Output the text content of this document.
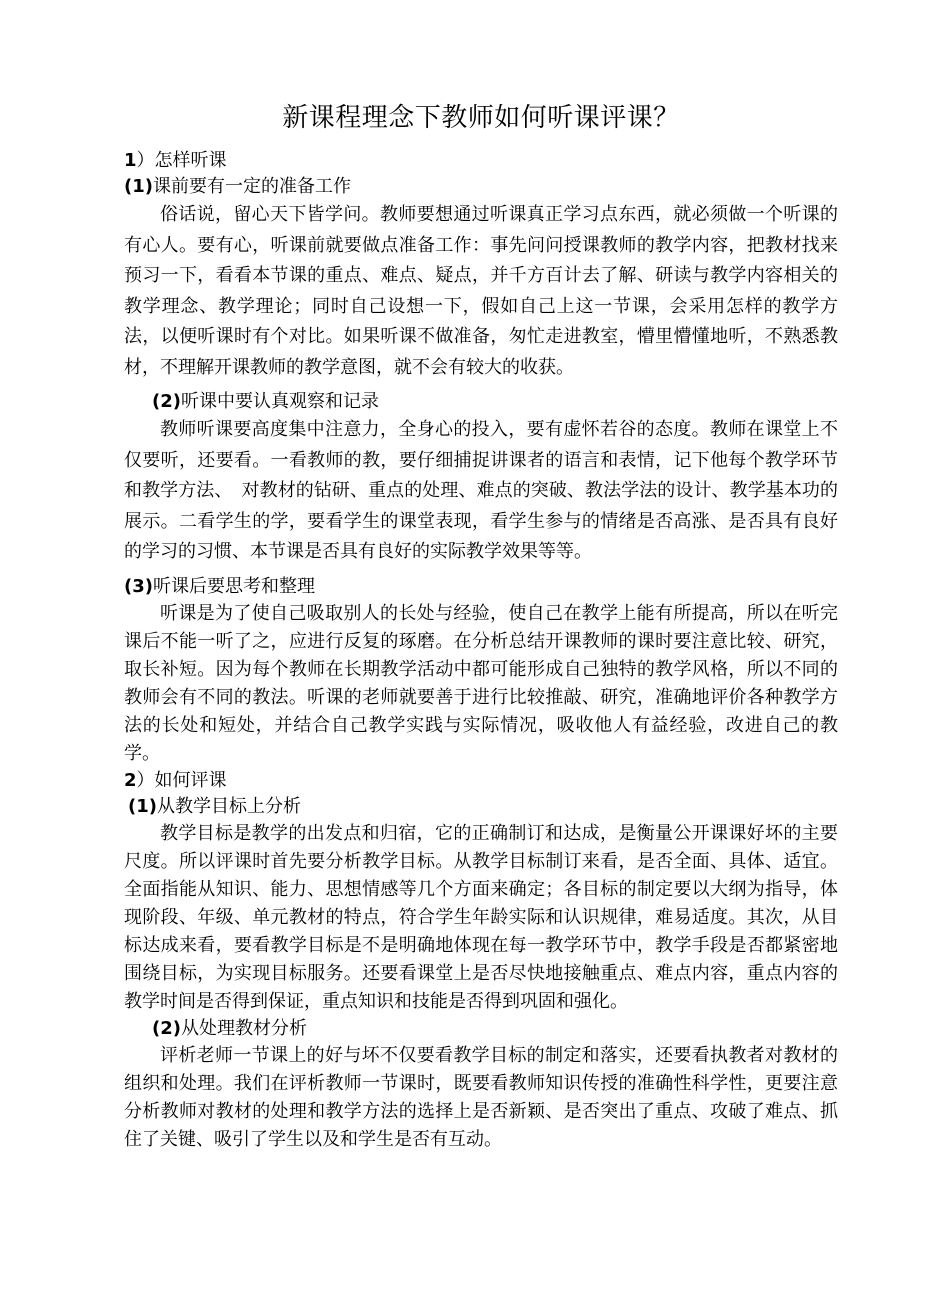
新课程理念下教师如何听课评课？

1）怎样听课

(1)课前要有一定的准备工作

俗话说，留心天下皆学问。教师要想通过听课真正学习点东西，就必须做一个听课的有心人。要有心，听课前就要做点准备工作：事先问问授课教师的教学内容，把教材找来预习一下，看看本节课的重点、难点、疑点，并千方百计去了解、研读与教学内容相关的教学理念、教学理论；同时自己设想一下，假如自己上这一节课，会采用怎样的教学方法，以便听课时有个对比。如果听课不做准备，匆忙走进教室，懵里懵懂地听，不熟悉教材，不理解开课教师的教学意图，就不会有较大的收获。

(2)听课中要认真观察和记录

教师听课要高度集中注意力，全身心的投入，要有虚怀若谷的态度。教师在课堂上不仅要听，还要看。一看教师的教，要仔细捕捉讲课者的语言和表情，记下他每个教学环节和教学方法、　对教材的钻研、重点的处理、难点的突破、教法学法的设计、教学基本功的展示。二看学生的学，要看学生的课堂表现，看学生参与的情绪是否高涨、是否具有良好的学习的习惯、本节课是否具有良好的实际教学效果等等。

(3)听课后要思考和整理

听课是为了使自己吸取别人的长处与经验，使自己在教学上能有所提高，所以在听完课后不能一听了之，应进行反复的琢磨。在分析总结开课教师的课时要注意比较、研究，取长补短。因为每个教师在长期教学活动中都可能形成自己独特的教学风格，所以不同的教师会有不同的教法。听课的老师就要善于进行比较推敲、研究，准确地评价各种教学方法的长处和短处，并结合自己教学实践与实际情况，吸收他人有益经验，改进自己的教学。

2）如何评课

(1)从教学目标上分析

教学目标是教学的出发点和归宿，它的正确制订和达成，是衡量公开课课好坏的主要尺度。所以评课时首先要分析教学目标。从教学目标制订来看，是否全面、具体、适宜。全面指能从知识、能力、思想情感等几个方面来确定；各目标的制定要以大纲为指导，体现阶段、年级、单元教材的特点，符合学生年龄实际和认识规律，难易适度。其次，从目标达成来看，要看教学目标是不是明确地体现在每一教学环节中，教学手段是否都紧密地围绕目标，为实现目标服务。还要看课堂上是否尽快地接触重点、难点内容，重点内容的教学时间是否得到保证，重点知识和技能是否得到巩固和强化。

(2)从处理教材分析

评析老师一节课上的好与坏不仅要看教学目标的制定和落实，还要看执教者对教材的组织和处理。我们在评析教师一节课时，既要看教师知识传授的准确性科学性，更要注意分析教师对教材的处理和教学方法的选择上是否新颖、是否突出了重点、攻破了难点、抓住了关键、吸引了学生以及和学生是否有互动。
